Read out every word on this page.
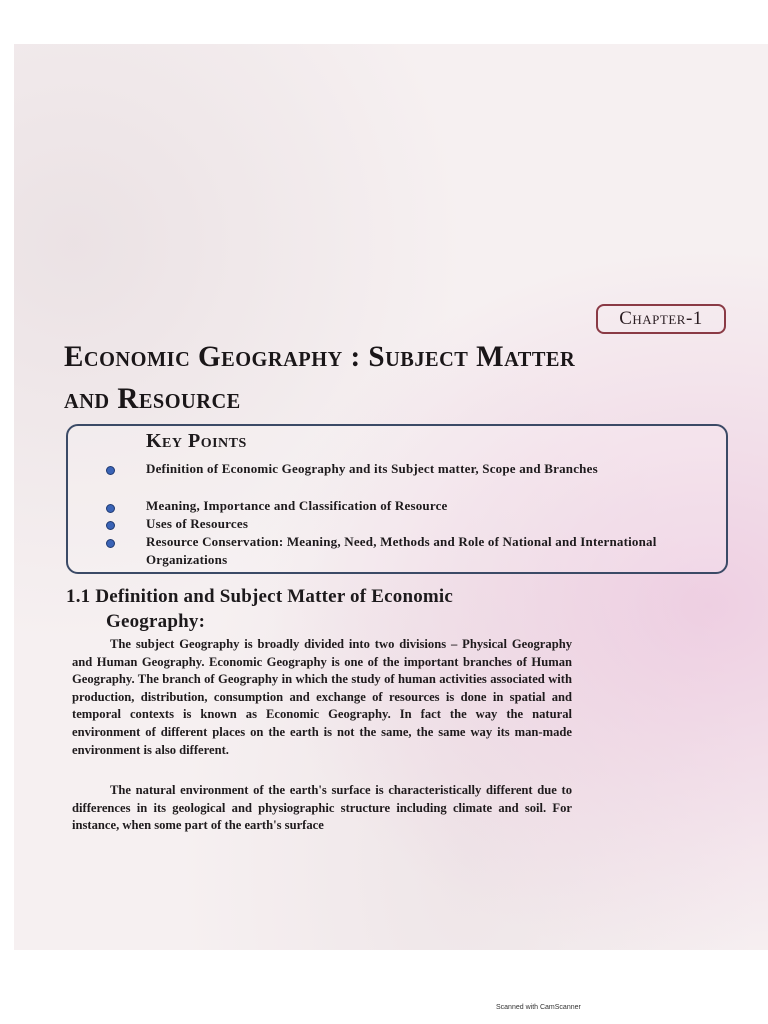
Chapter-1
Economic Geography : Subject Matter
and Resource
Key Points
Definition of Economic Geography and its Subject matter, Scope and Branches
Meaning, Importance and Classification of Resource
Uses of Resources
Resource Conservation: Meaning, Need, Methods and Role of National and International Organizations
1.1 Definition and Subject Matter of Economic
Geography:
The subject Geography is broadly divided into two divisions – Physical Geography and Human Geography. Economic Geography is one of the important branches of Human Geography. The branch of Geography in which the study of human activities associated with production, distribution, consumption and exchange of resources is done in spatial and temporal contexts is known as Economic Geography. In fact the way the natural environment of different places on the earth is not the same, the same way its man-made environment is also different.
The natural environment of the earth's surface is characteristically different due to differences in its geological and physiographic structure including climate and soil. For instance, when some part of the earth's surface
Scanned with CamScanner
